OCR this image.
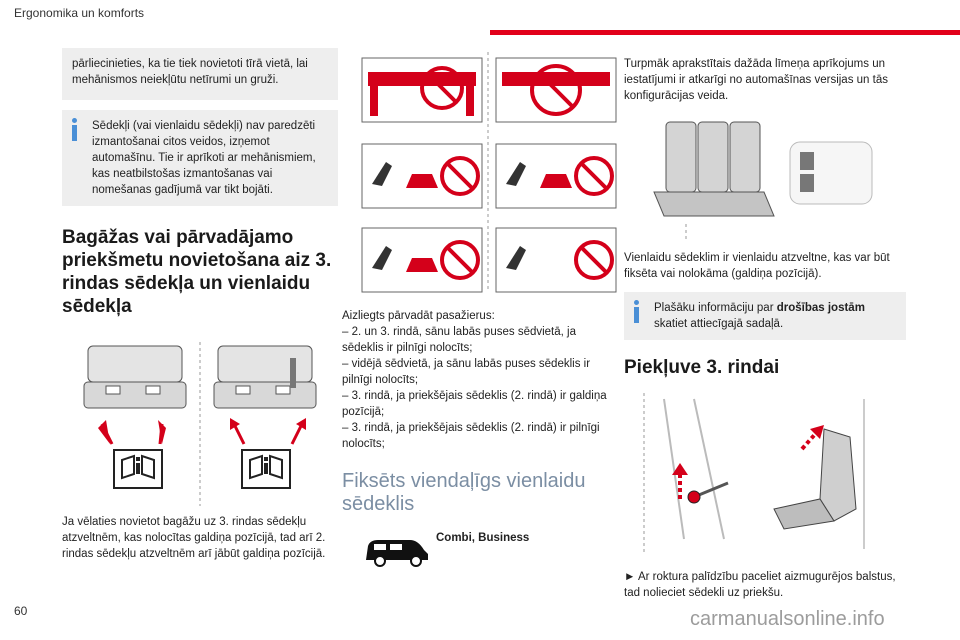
Ergonomika un komforts
pārliecinieties, ka tie tiek novietoti tīrā vietā, lai mehānismos neiekļūtu netīrumi un gruži.

Sēdekļi (vai vienlaidu sēdekļi) nav paredzēti izmantošanai citos veidos, izņemot automašīnu. Tie ir aprīkoti ar mehānismiem, kas neatbilstošas izmantošanas vai nomešanas gadījumā var tikt bojāti.

Bagāžas vai pārvadājamo priekšmetu novietošana aiz 3. rindas sēdekļa un vienlaidu sēdekļa

Ja vēlaties novietot bagāžu uz 3. rindas sēdekļu atzveltnēm, kas nolocītas galdiņa pozīcijā, tad arī 2. rindas sēdekļu atzveltnēm arī jābūt galdiņa pozīcijā.

Aizliegts pārvadāt pasažierus:

– 2. un 3. rindā, sānu labās puses sēdvietā, ja sēdeklis ir pilnīgi nolocīts;

– vidējā sēdvietā, ja sānu labās puses sēdeklis ir pilnīgi nolocīts;

– 3. rindā, ja priekšējais sēdeklis (2. rindā) ir galdiņa pozīcijā;

– 3. rindā, ja priekšējais sēdeklis (2. rindā) ir pilnīgi nolocīts;

Fiksēts viendaļīgs vienlaidu sēdeklis
Combi, Business

Turpmāk aprakstītais dažāda līmeņa aprīkojums un iestatījumi ir atkarīgi no automašīnas versijas un tās konfigurācijas veida.

Vienlaidu sēdeklim ir vienlaidu atzveltne, kas var būt fiksēta vai nolokāma (galdiņa pozīcijā).

Plašāku informāciju par drošības jostām skatiet attiecīgajā sadaļā.

Piekļuve 3. rindai

► Ar roktura palīdzību paceliet aizmugurējos balstus, tad nolieciet sēdekli uz priekšu.

60	carmanualsonline.info
